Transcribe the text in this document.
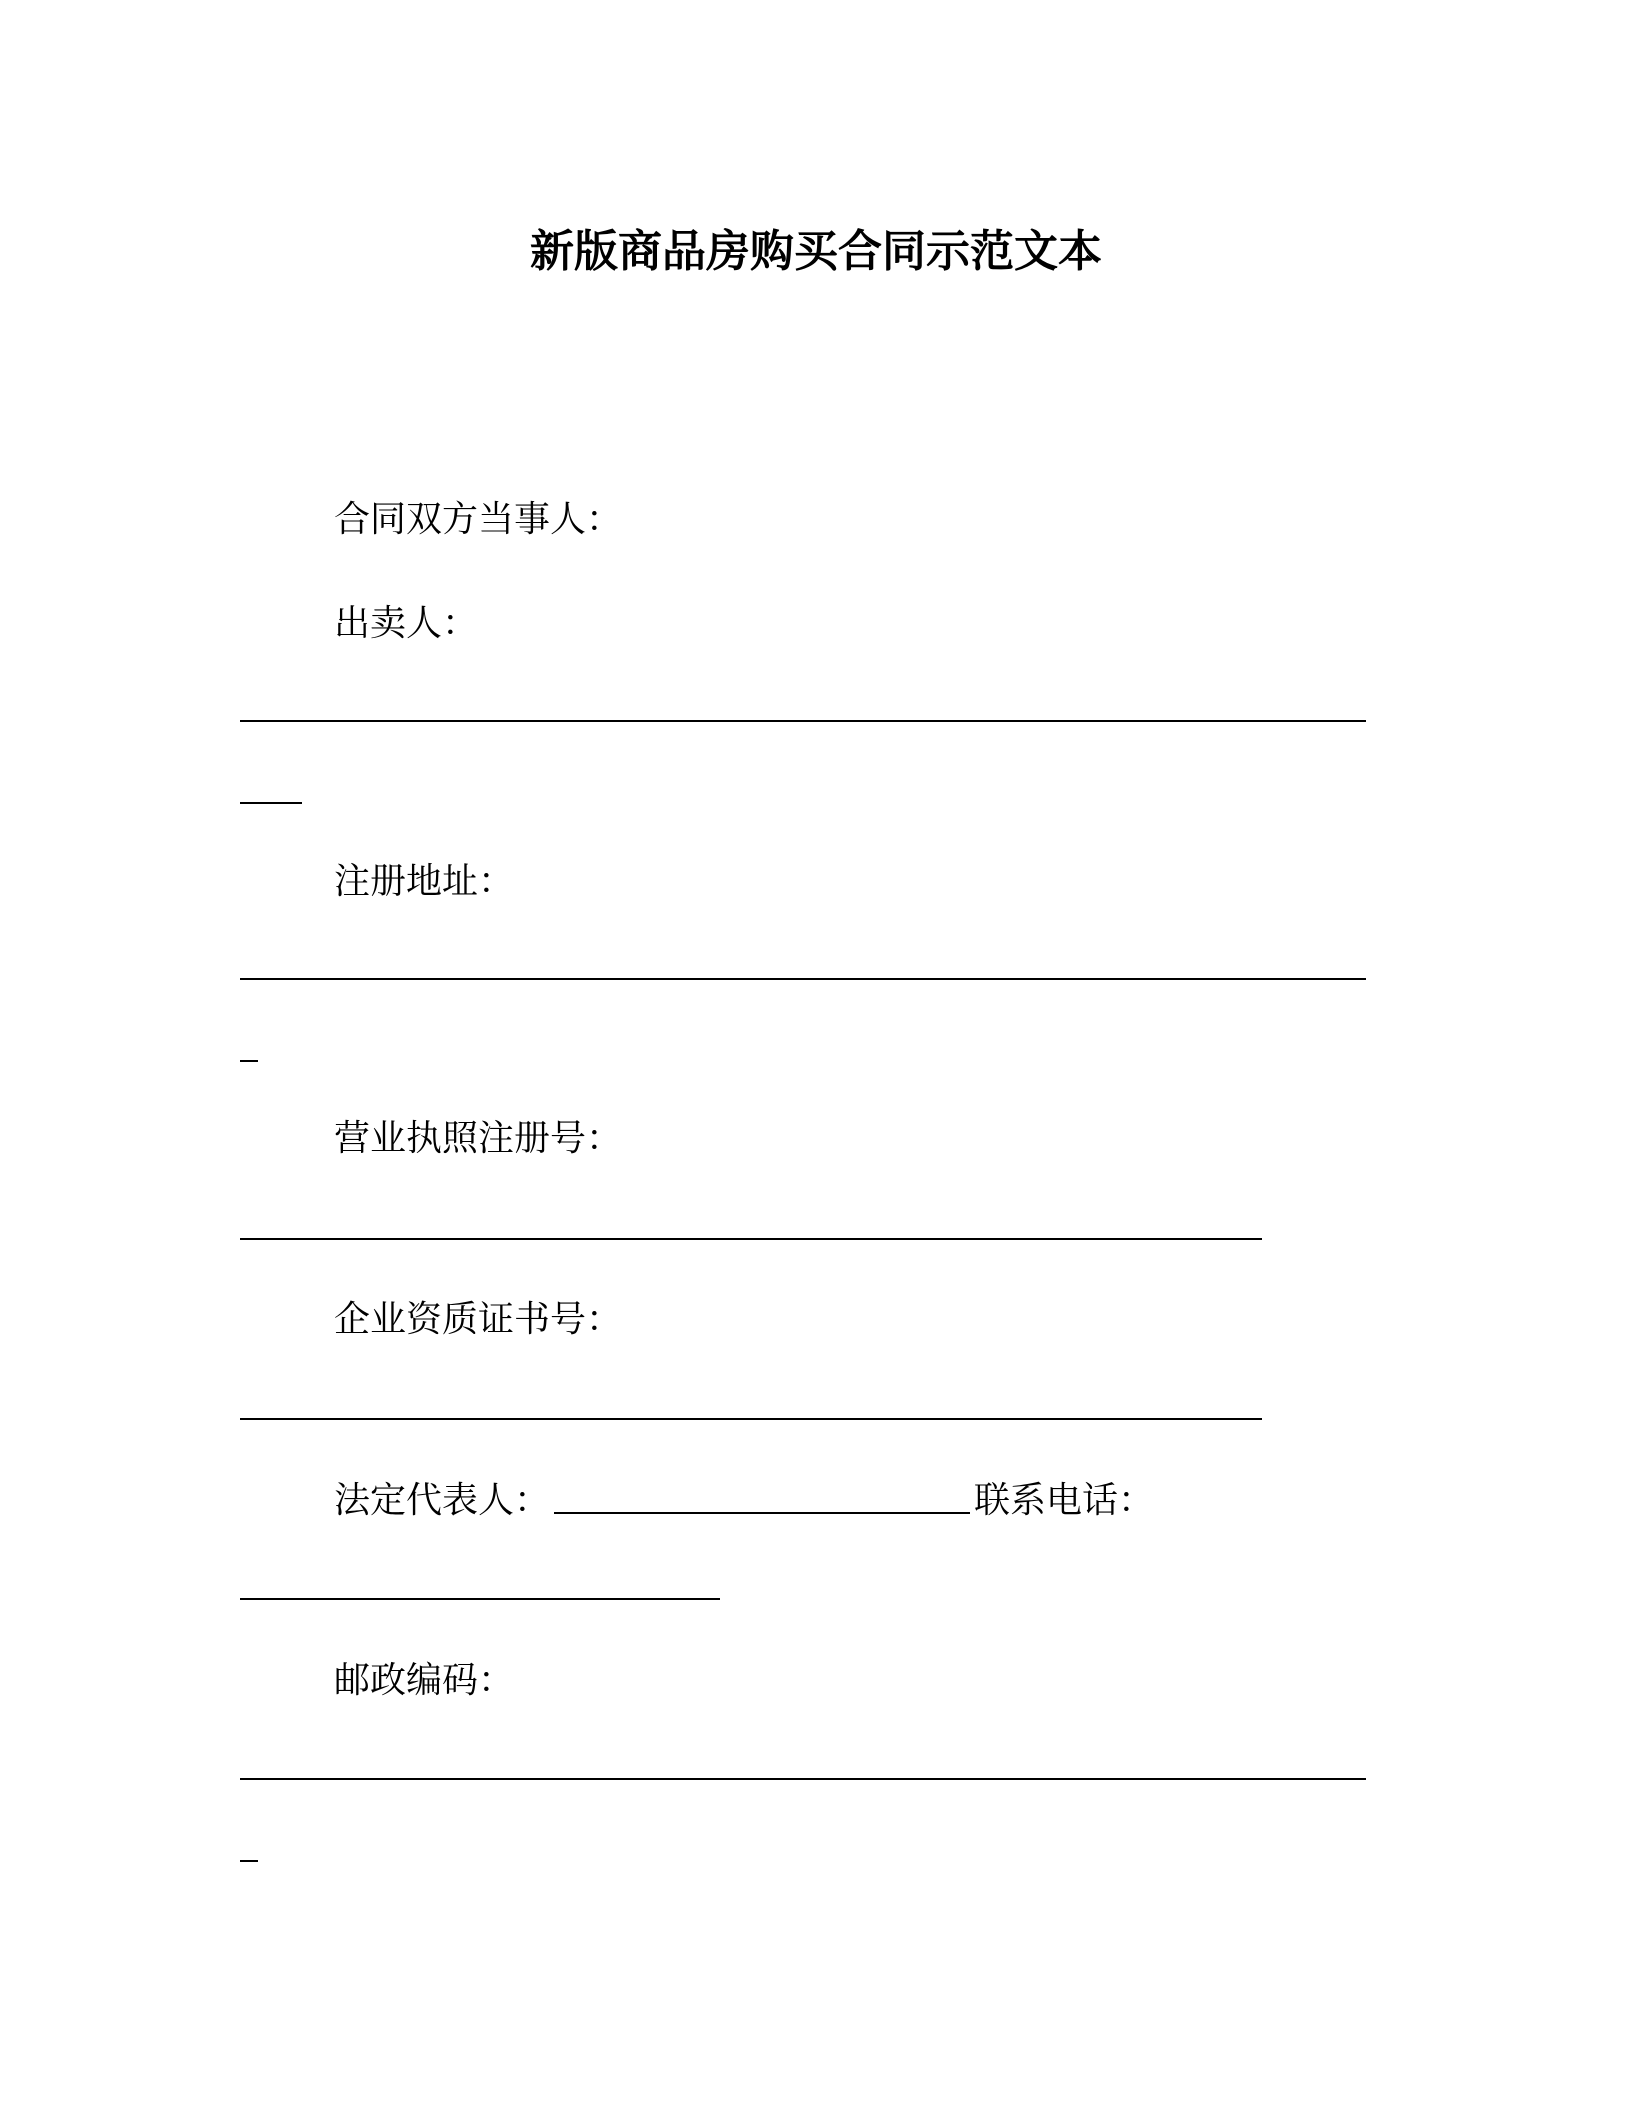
新版商品房购买合同示范文本
合同双方当事人：
出卖人：
注册地址：
营业执照注册号：
企业资质证书号：
法定代表人：	联系电话：
邮政编码：
